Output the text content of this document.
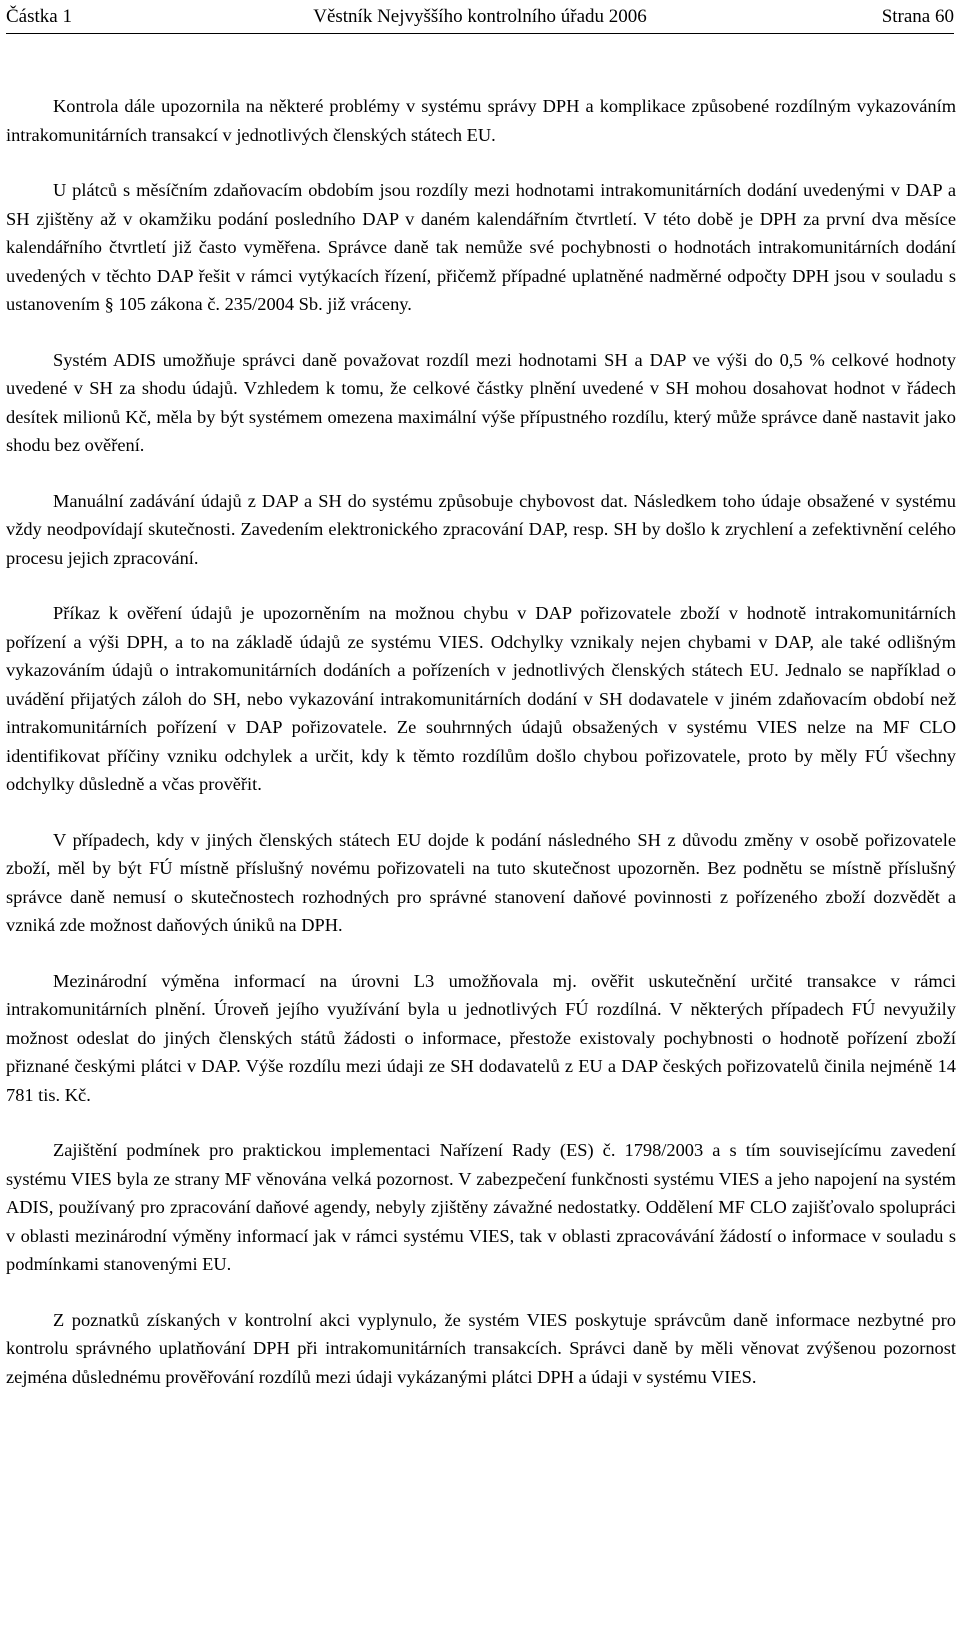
Částka 1	Věstník Nejvyššího kontrolního úřadu 2006	Strana 60

Kontrola dále upozornila na některé problémy v systému správy DPH a komplikace způsobené rozdílným vykazováním intrakomunitárních transakcí v jednotlivých členských státech EU.

U plátců s měsíčním zdaňovacím obdobím jsou rozdíly mezi hodnotami intrakomunitárních dodání uvedenými v DAP a SH zjištěny až v okamžiku podání posledního DAP v daném kalendářním čtvrtletí. V této době je DPH za první dva měsíce kalendářního čtvrtletí již často vyměřena. Správce daně tak nemůže své pochybnosti o hodnotách intrakomunitárních dodání uvedených v těchto DAP řešit v rámci vytýkacích řízení, přičemž případné uplatněné nadměrné odpočty DPH jsou v souladu s ustanovením § 105 zákona č. 235/2004 Sb. již vráceny.

Systém ADIS umožňuje správci daně považovat rozdíl mezi hodnotami SH a DAP ve výši do 0,5 % celkové hodnoty uvedené v SH za shodu údajů. Vzhledem k tomu, že celkové částky plnění uvedené v SH mohou dosahovat hodnot v řádech desítek milionů Kč, měla by být systémem omezena maximální výše přípustného rozdílu, který může správce daně nastavit jako shodu bez ověření.

Manuální zadávání údajů z DAP a SH do systému způsobuje chybovost dat. Následkem toho údaje obsažené v systému vždy neodpovídají skutečnosti. Zavedením elektronického zpracování DAP, resp. SH by došlo k zrychlení a zefektivnění celého procesu jejich zpracování.

Příkaz k ověření údajů je upozorněním na možnou chybu v DAP pořizovatele zboží v hodnotě intrakomunitárních pořízení a výši DPH, a to na základě údajů ze systému VIES. Odchylky vznikaly nejen chybami v DAP, ale také odlišným vykazováním údajů o intrakomunitárních dodáních a pořízeních v jednotlivých členských státech EU. Jednalo se například o uvádění přijatých záloh do SH, nebo vykazování intrakomunitárních dodání v SH dodavatele v jiném zdaňovacím období než intrakomunitárních pořízení v DAP pořizovatele. Ze souhrnných údajů obsažených v systému VIES nelze na MF CLO identifikovat příčiny vzniku odchylek a určit, kdy k těmto rozdílům došlo chybou pořizovatele, proto by měly FÚ všechny odchylky důsledně a včas prověřit.

V případech, kdy v jiných členských státech EU dojde k podání následného SH z důvodu změny v osobě pořizovatele zboží, měl by být FÚ místně příslušný novému pořizovateli na tuto skutečnost upozorněn. Bez podnětu se místně příslušný správce daně nemusí o skutečnostech rozhodných pro správné stanovení daňové povinnosti z pořízeného zboží dozvědět a vzniká zde možnost daňových úniků na DPH.

Mezinárodní výměna informací na úrovni L3 umožňovala mj. ověřit uskutečnění určité transakce v rámci intrakomunitárních plnění. Úroveň jejího využívání byla u jednotlivých FÚ rozdílná. V některých případech FÚ nevyužily možnost odeslat do jiných členských států žádosti o informace, přestože existovaly pochybnosti o hodnotě pořízení zboží přiznané českými plátci v DAP. Výše rozdílu mezi údaji ze SH dodavatelů z EU a DAP českých pořizovatelů činila nejméně 14 781 tis. Kč.

Zajištění podmínek pro praktickou implementaci Nařízení Rady (ES) č. 1798/2003 a s tím souvisejícímu zavedení systému VIES byla ze strany MF věnována velká pozornost. V zabezpečení funkčnosti systému VIES a jeho napojení na systém ADIS, používaný pro zpracování daňové agendy, nebyly zjištěny závažné nedostatky. Oddělení MF CLO zajišťovalo spolupráci v oblasti mezinárodní výměny informací jak v rámci systému VIES, tak v oblasti zpracovávání žádostí o informace v souladu s podmínkami stanovenými EU.

Z poznatků získaných v kontrolní akci vyplynulo, že systém VIES poskytuje správcům daně informace nezbytné pro kontrolu správného uplatňování DPH při intrakomunitárních transakcích. Správci daně by měli věnovat zvýšenou pozornost zejména důslednému prověřování rozdílů mezi údaji vykázanými plátci DPH a údaji v systému VIES.
